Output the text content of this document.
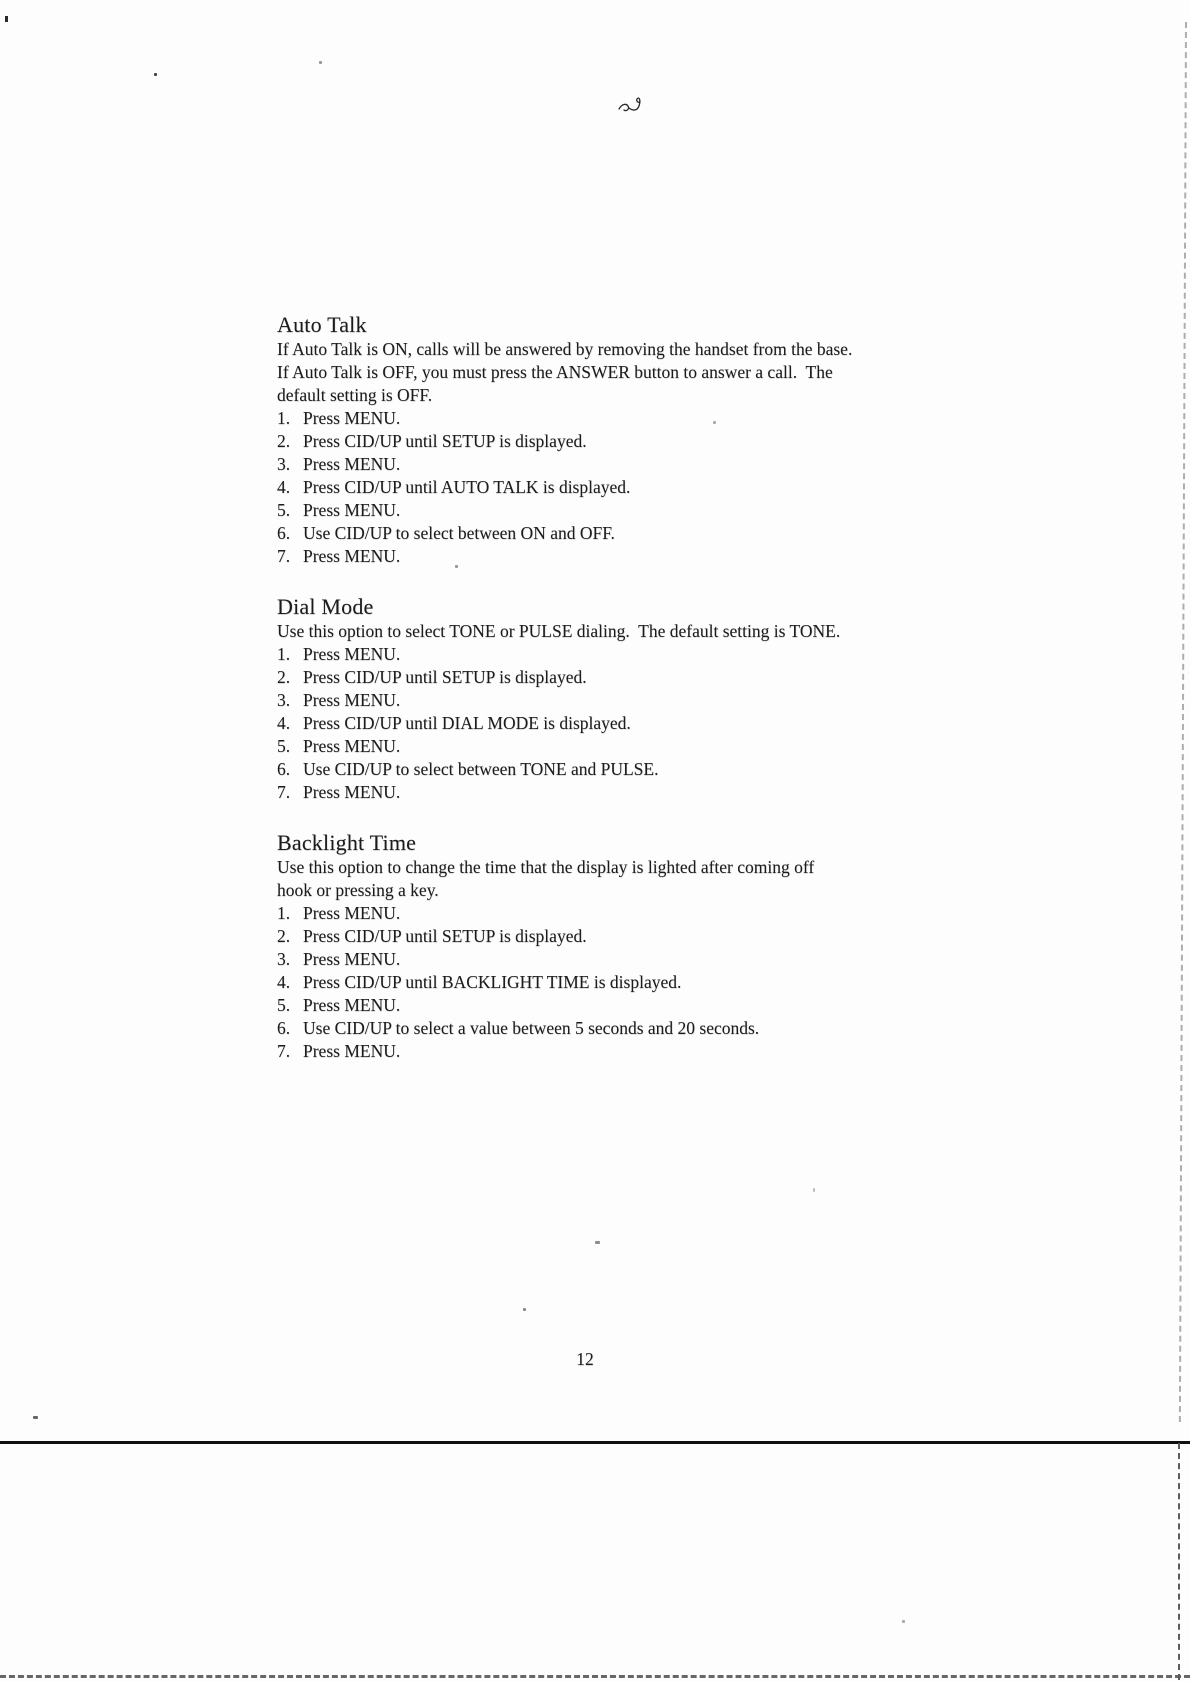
Auto Talk
If Auto Talk is ON, calls will be answered by removing the handset from the base.
If Auto Talk is OFF, you must press the ANSWER button to answer a call.  The
default setting is OFF.
1. Press MENU.
2. Press CID/UP until SETUP is displayed.
3. Press MENU.
4. Press CID/UP until AUTO TALK is displayed.
5. Press MENU.
6. Use CID/UP to select between ON and OFF.
7. Press MENU.
Dial Mode
Use this option to select TONE or PULSE dialing.  The default setting is TONE.
1. Press MENU.
2. Press CID/UP until SETUP is displayed.
3. Press MENU.
4. Press CID/UP until DIAL MODE is displayed.
5. Press MENU.
6. Use CID/UP to select between TONE and PULSE.
7. Press MENU.
Backlight Time
Use this option to change the time that the display is lighted after coming off
hook or pressing a key.
1. Press MENU.
2. Press CID/UP until SETUP is displayed.
3. Press MENU.
4. Press CID/UP until BACKLIGHT TIME is displayed.
5. Press MENU.
6. Use CID/UP to select a value between 5 seconds and 20 seconds.
7. Press MENU.
12
